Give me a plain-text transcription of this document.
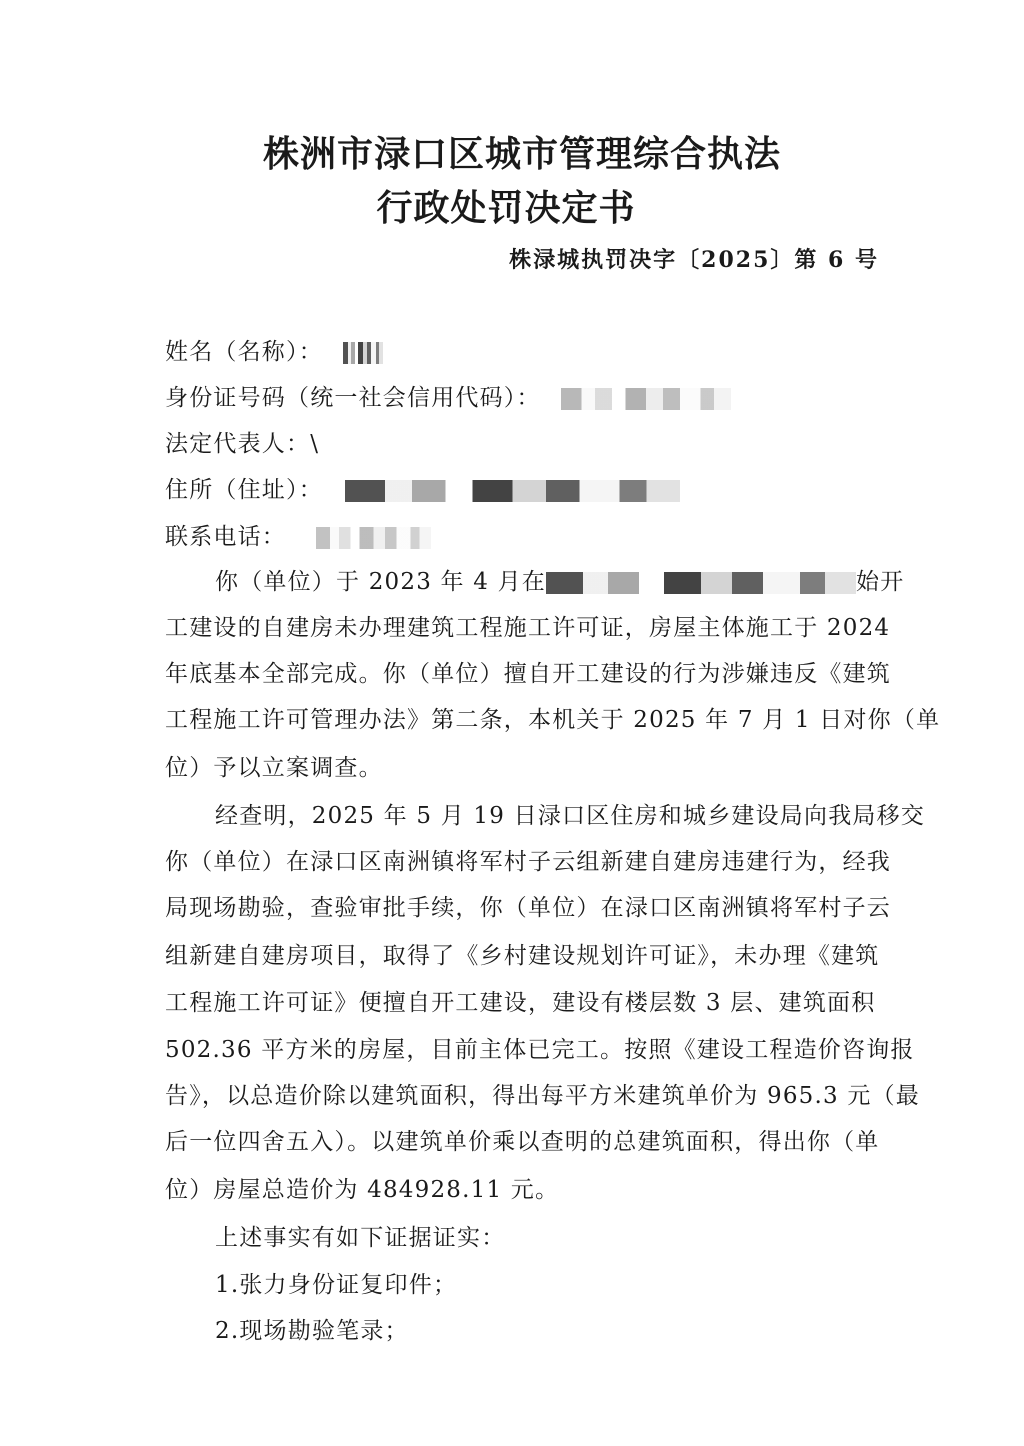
株洲市渌口区城市管理综合执法
行政处罚决定书
株渌城执罚决字〔2025〕第 6 号
姓名（名称）：
身份证号码（统一社会信用代码）：
法定代表人：\
住所（住址）：
联系电话：
你（单位）于 2023 年 4 月在	始开
工建设的自建房未办理建筑工程施工许可证，房屋主体施工于 2024
年底基本全部完成。你（单位）擅自开工建设的行为涉嫌违反《建筑
工程施工许可管理办法》第二条，本机关于 2025 年 7 月 1 日对你（单
位）予以立案调查。
经查明，2025 年 5 月 19 日渌口区住房和城乡建设局向我局移交
你（单位）在渌口区南洲镇将军村子云组新建自建房违建行为，经我
局现场勘验，查验审批手续，你（单位）在渌口区南洲镇将军村子云
组新建自建房项目，取得了《乡村建设规划许可证》，未办理《建筑
工程施工许可证》便擅自开工建设，建设有楼层数 3 层、建筑面积
502.36 平方米的房屋，目前主体已完工。按照《建设工程造价咨询报
告》，以总造价除以建筑面积，得出每平方米建筑单价为 965.3 元（最
后一位四舍五入）。以建筑单价乘以查明的总建筑面积，得出你（单
位）房屋总造价为 484928.11 元。
上述事实有如下证据证实：
1.张力身份证复印件；
2.现场勘验笔录；
